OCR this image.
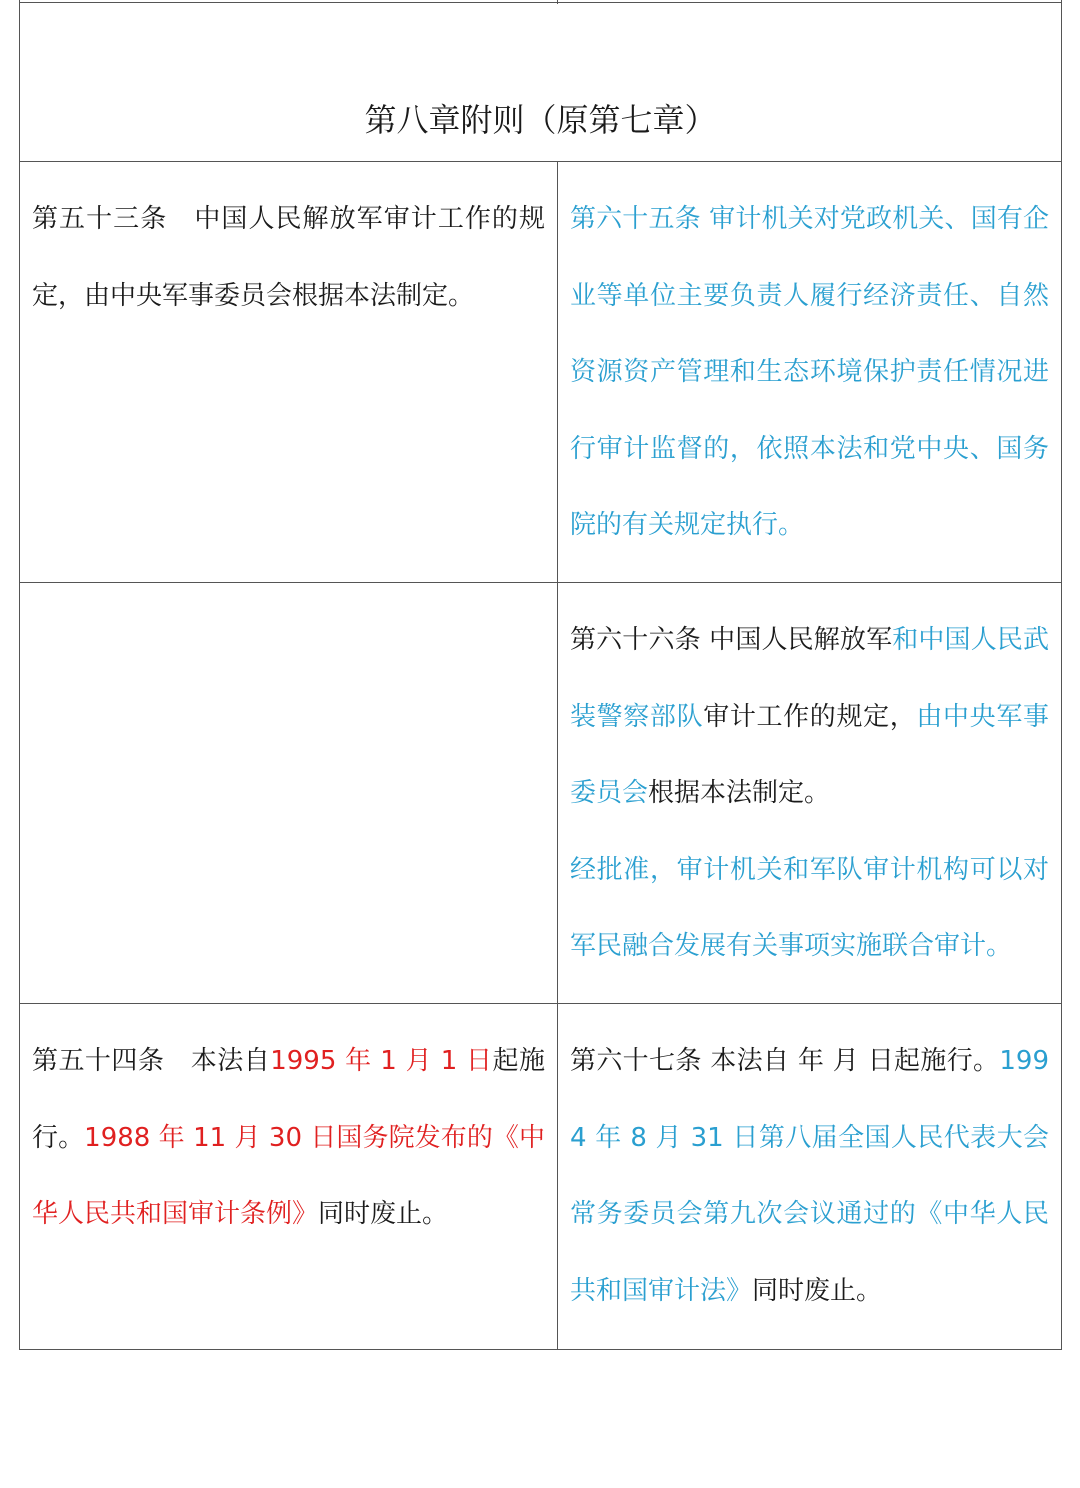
第八章附则（原第七章）

第五十三条　中国人民解放军审计工作的规定，由中央军事委员会根据本法制定。

第六十五条 审计机关对党政机关、国有企业等单位主要负责人履行经济责任、自然资源资产管理和生态环境保护责任情况进行审计监督的，依照本法和党中央、国务院的有关规定执行。

第六十六条 中国人民解放军和中国人民武装警察部队审计工作的规定，由中央军事委员会根据本法制定。

经批准，审计机关和军队审计机构可以对军民融合发展有关事项实施联合审计。

第五十四条　本法自1995 年 1 月 1 日起施行。1988 年 11 月 30 日国务院发布的《中华人民共和国审计条例》同时废止。

第六十七条 本法自 年 月 日起施行。1994 年 8 月 31 日第八届全国人民代表大会常务委员会第九次会议通过的《中华人民共和国审计法》同时废止。
